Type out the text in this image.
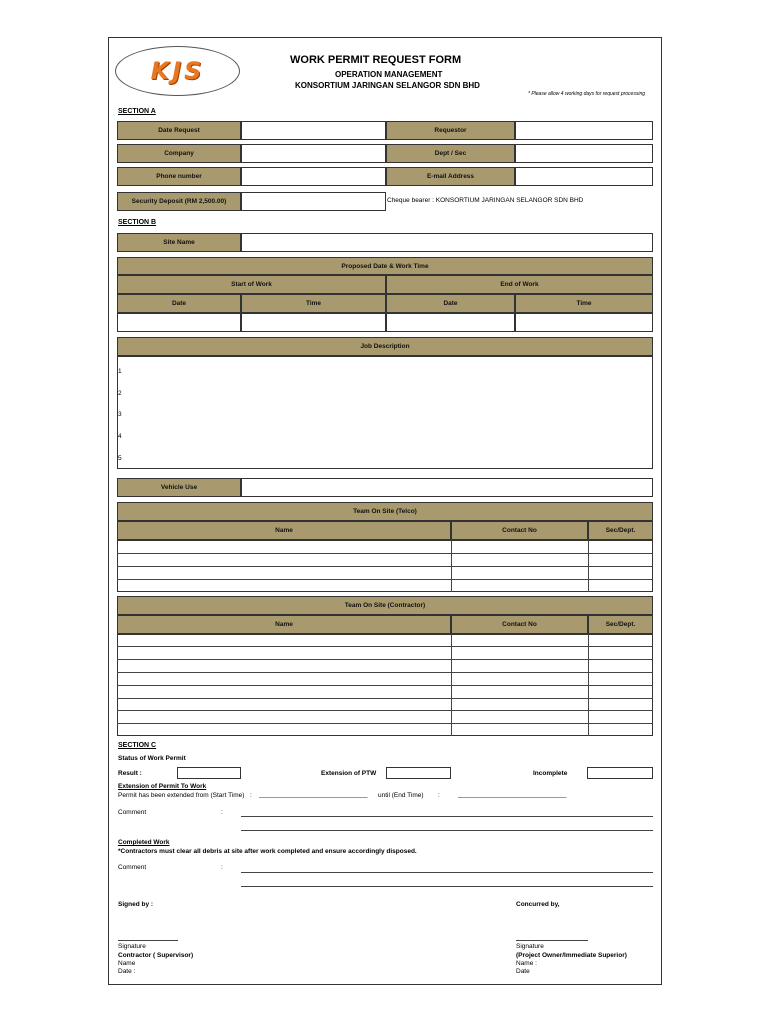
KJS	WORK PERMIT REQUEST FORM
OPERATION MANAGEMENT
KONSORTIUM JARINGAN SELANGOR SDN BHD
* Please allow 4 working days for request processing
SECTION A
Date Request	Requestor
Company	Dept / Sec
Phone number	E-mail Address
Security Deposit (RM 2,500.00)	Cheque bearer : KONSORTIUM JARINGAN SELANGOR SDN BHD
SECTION B
Site Name
Proposed Date & Work Time
Start of Work	End of Work
Date	Time	Date	Time
Job Description
1
2
3
4
5
Vehicle Use
Team On Site (Telco)
Name	Contact No	Sec/Dept.
Team On Site (Contractor)
Name	Contact No	Sec/Dept.
SECTION C
Status of Work Permit
Result :	Extension of PTW	Incomplete
Extension of Permit To Work
Permit has been extended from (Start Time) : ______________________________ until (End Time) :	______________________________
Comment	:
Completed Work
*Contractors must clear all debris at site after work completed and ensure accordingly disposed.
Comment	:
Signed by :	Concurred by,
Signature
Contractor ( Supervisor)
Name
Date :
Signature
(Project Owner/Immediate Superior)
Name :
Date
